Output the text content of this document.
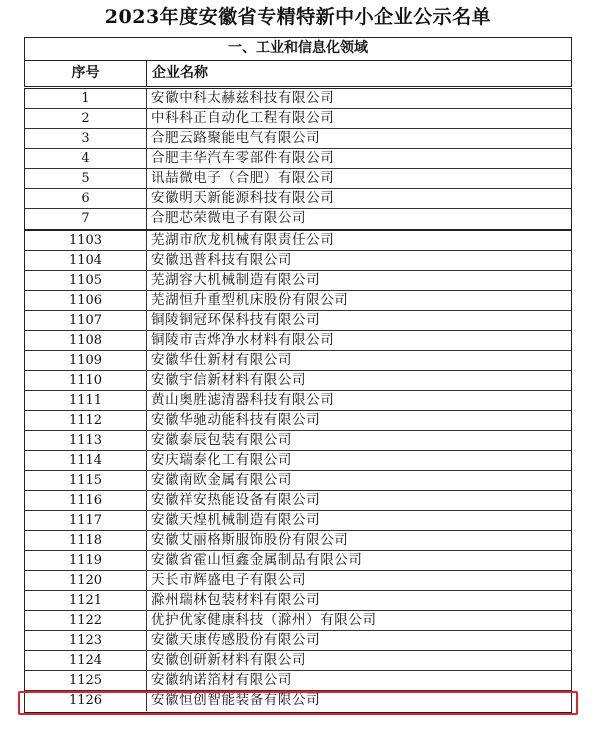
2023年度安徽省专精特新中小企业公示名单
一、工业和信息化领域
序号	企业名称
1	安徽中科太赫兹科技有限公司
2	中科科正自动化工程有限公司
3	合肥云路聚能电气有限公司
4	合肥丰华汽车零部件有限公司
5	讯喆微电子（合肥）有限公司
6	安徽明天新能源科技有限公司
7	合肥芯荣微电子有限公司
1103	芜湖市欣龙机械有限责任公司
1104	安徽迅普科技有限公司
1105	芜湖容大机械制造有限公司
1106	芜湖恒升重型机床股份有限公司
1107	铜陵铜冠环保科技有限公司
1108	铜陵市吉烨净水材料有限公司
1109	安徽华仕新材有限公司
1110	安徽宇信新材料有限公司
1111	黄山奥胜滤清器科技有限公司
1112	安徽华驰动能科技有限公司
1113	安徽泰辰包装有限公司
1114	安庆瑞泰化工有限公司
1115	安徽南欧金属有限公司
1116	安徽祥安热能设备有限公司
1117	安徽天煌机械制造有限公司
1118	安徽艾丽格斯服饰股份有限公司
1119	安徽省霍山恒鑫金属制品有限公司
1120	天长市辉盛电子有限公司
1121	滁州瑞林包装材料有限公司
1122	优护优家健康科技（滁州）有限公司
1123	安徽天康传感股份有限公司
1124	安徽创研新材料有限公司
1125	安徽纳诺箔材有限公司
1126	安徽恒创智能装备有限公司
